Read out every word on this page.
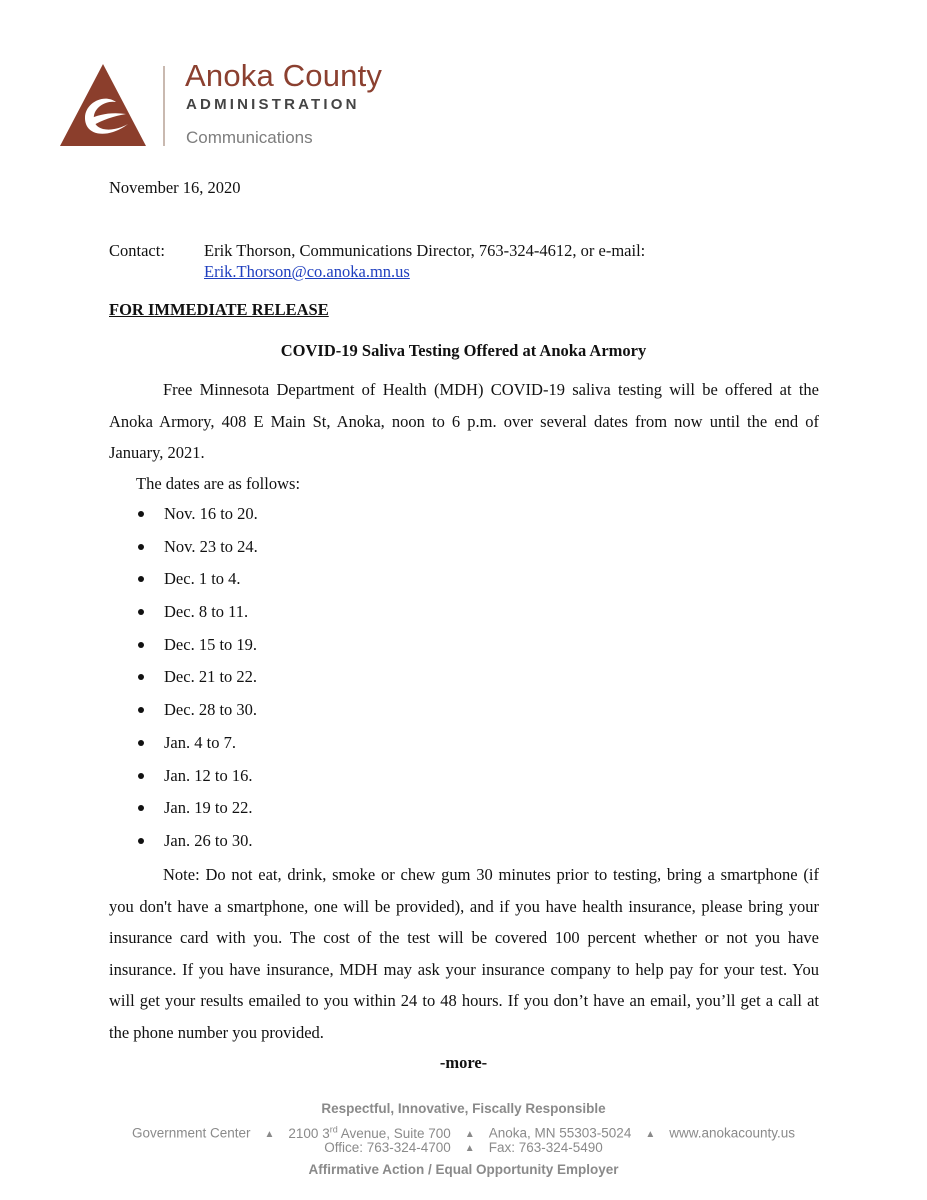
Anoka County
ADMINISTRATION
Communications
November 16, 2020
Contact: Erik Thorson, Communications Director, 763-324-4612, or e-mail:
Erik.Thorson@co.anoka.mn.us
FOR IMMEDIATE RELEASE
COVID-19 Saliva Testing Offered at Anoka Armory

Free Minnesota Department of Health (MDH) COVID-19 saliva testing will be offered at the Anoka Armory, 408 E Main St, Anoka, noon to 6 p.m. over several dates from now until the end of January, 2021.

The dates are as follows:
Nov. 16 to 20.
Nov. 23 to 24.
Dec. 1 to 4.
Dec. 8 to 11.
Dec. 15 to 19.
Dec. 21 to 22.
Dec. 28 to 30.
Jan. 4 to 7.
Jan. 12 to 16.
Jan. 19 to 22.
Jan. 26 to 30.

Note: Do not eat, drink, smoke or chew gum 30 minutes prior to testing, bring a smartphone (if you don't have a smartphone, one will be provided), and if you have health insurance, please bring your insurance card with you. The cost of the test will be covered 100 percent whether or not you have insurance. If you have insurance, MDH may ask your insurance company to help pay for your test. You will get your results emailed to you within 24 to 48 hours. If you don’t have an email, you’ll get a call at the phone number you provided.

-more-
Respectful, Innovative, Fiscally Responsible
Government Center ▲ 2100 3rd Avenue, Suite 700 ▲ Anoka, MN 55303-5024 ▲ www.anokacounty.us
Office: 763-324-4700 ▲ Fax: 763-324-5490
Affirmative Action / Equal Opportunity Employer
